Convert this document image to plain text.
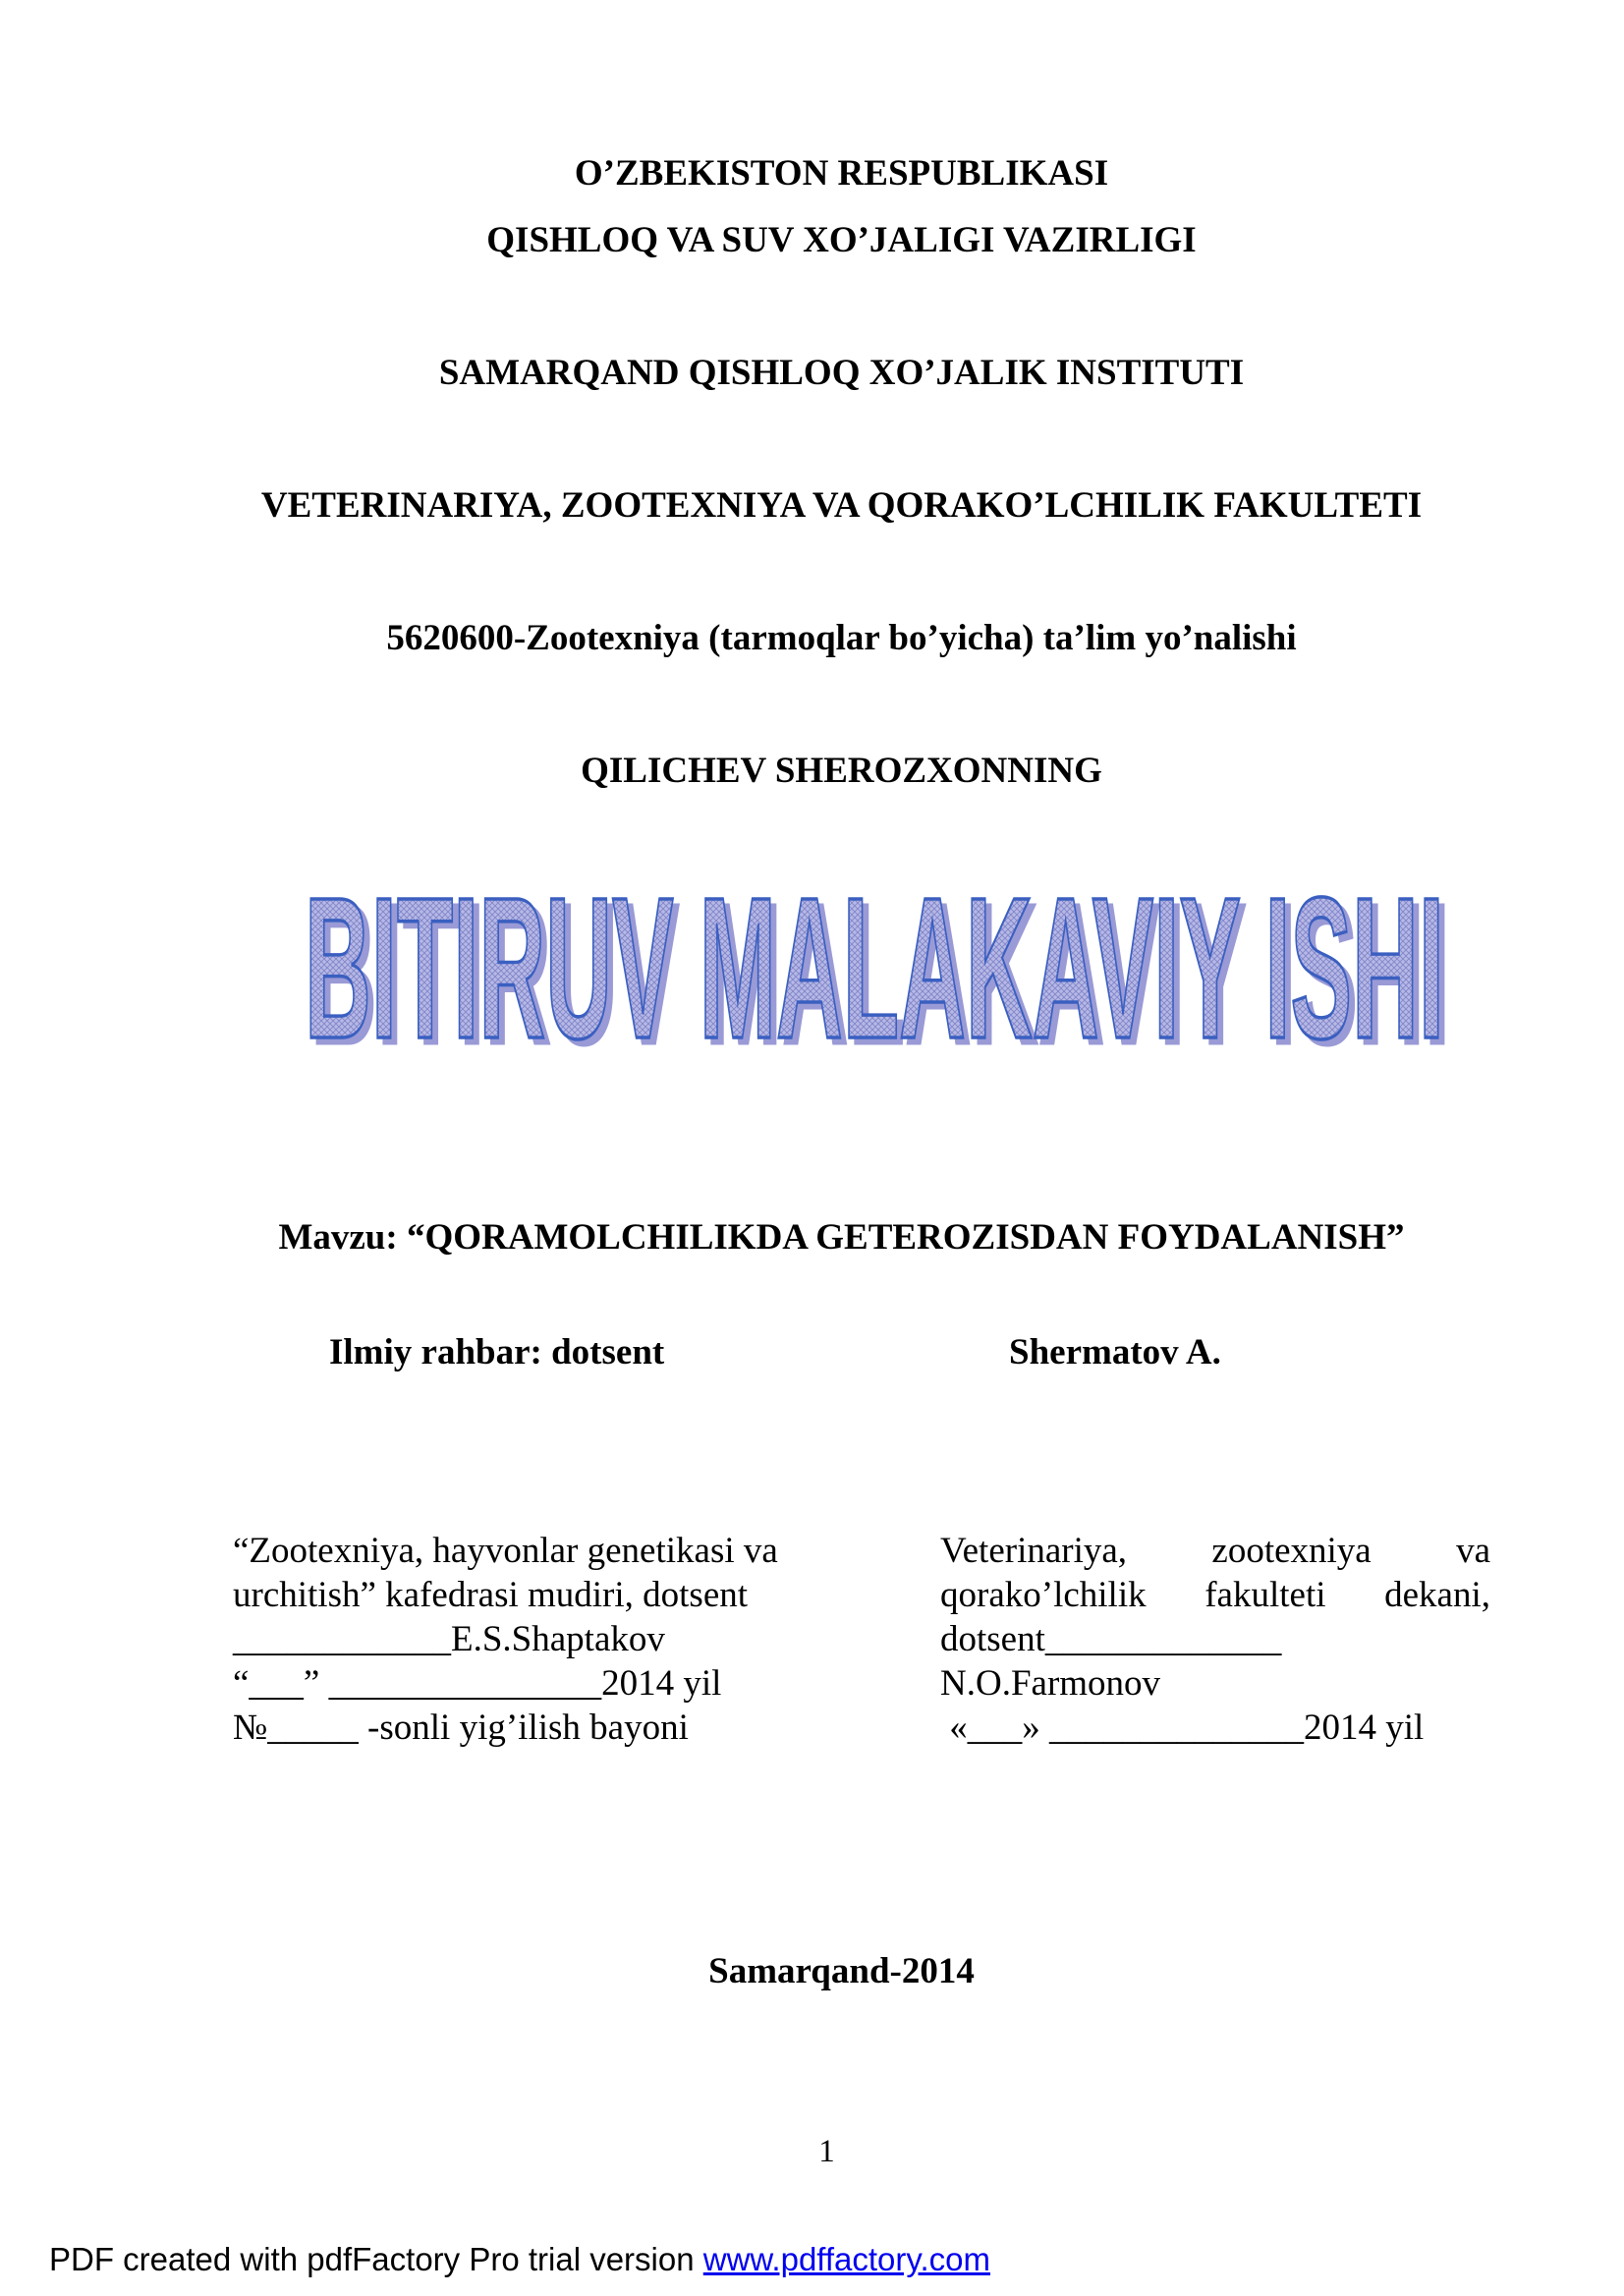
O’ZBEKISTON RESPUBLIKASI
QISHLOQ VA SUV XO’JALIGI VAZIRLIGI
SAMARQAND QISHLOQ XO’JALIK INSTITUTI
VETERINARIYA, ZOOTEXNIYA VA QORAKO’LCHILIK FAKULTETI
5620600-Zootexniya (tarmoqlar bo’yicha) ta’lim yo’nalishi
QILICHEV SHEROZXONNING
BITIRUV MALAKAVIY ISHI
BITIRUV MALAKAVIY ISHI
Mavzu: “QORAMOLCHILIKDA GETEROZISDAN FOYDALANISH”
Ilmiy rahbar: dotsent	Shermatov A.
“Zootexniya, hayvonlar genetikasi va
urchitish” kafedrasi mudiri, dotsent
____________E.S.Shaptakov
“___” _______________2014 yil
№_____ -sonli yig’ilish bayoni
Veterinariya, zootexniya va
qorako’lchilik fakulteti dekani,
dotsent_____________
N.O.Farmonov
«___» ______________2014 yil
Samarqand-2014
1
PDF created with pdfFactory Pro trial version www.pdffactory.com
